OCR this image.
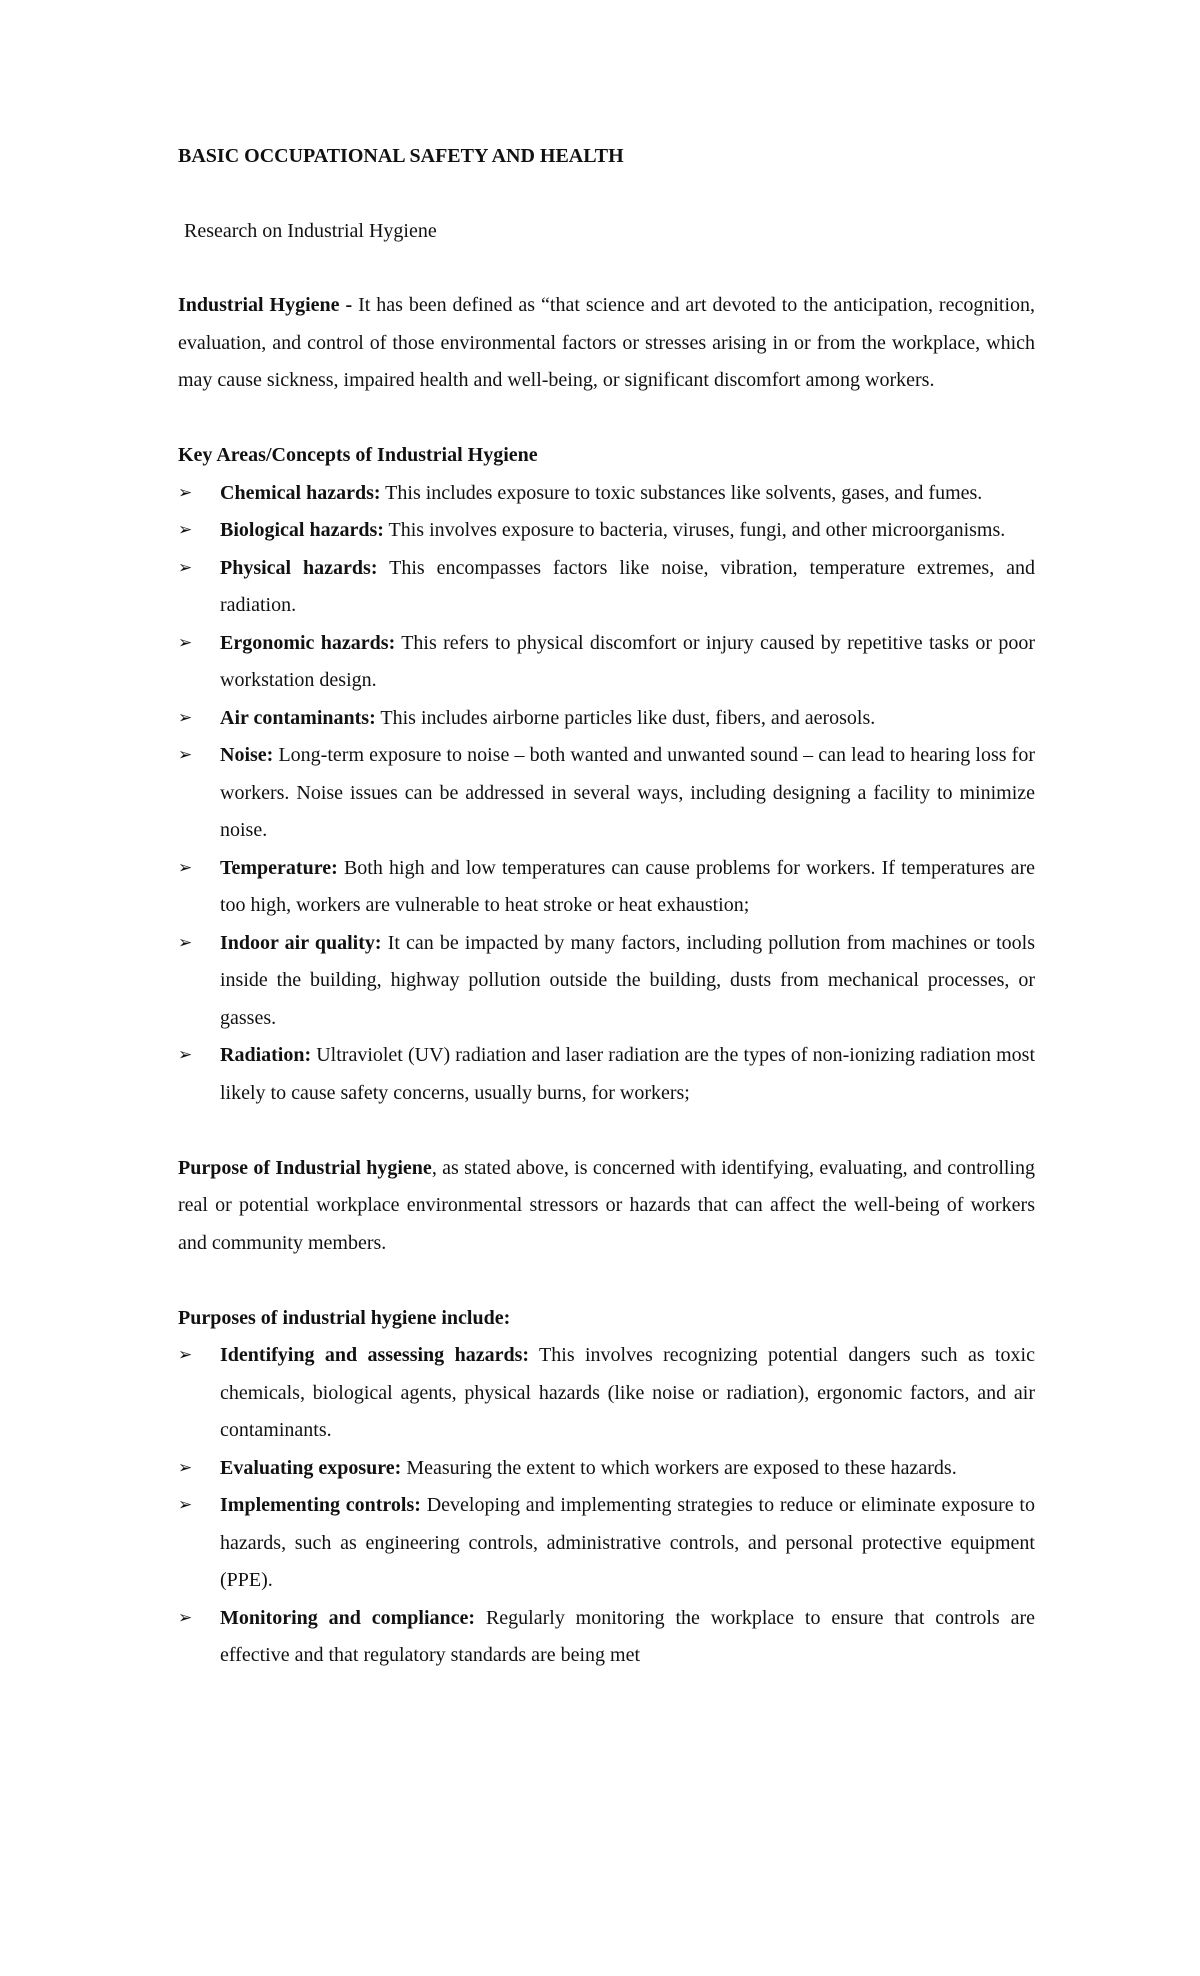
BASIC OCCUPATIONAL SAFETY AND HEALTH

Research on Industrial Hygiene

Industrial Hygiene - It has been defined as “that science and art devoted to the anticipation, recognition, evaluation, and control of those environmental factors or stresses arising in or from the workplace, which may cause sickness, impaired health and well-being, or significant discomfort among workers.

Key Areas/Concepts of Industrial Hygiene
➢ Chemical hazards: This includes exposure to toxic substances like solvents, gases, and fumes.
➢ Biological hazards: This involves exposure to bacteria, viruses, fungi, and other microorganisms.
➢ Physical hazards: This encompasses factors like noise, vibration, temperature extremes, and radiation.
➢ Ergonomic hazards: This refers to physical discomfort or injury caused by repetitive tasks or poor workstation design.
➢ Air contaminants: This includes airborne particles like dust, fibers, and aerosols.
➢ Noise: Long-term exposure to noise – both wanted and unwanted sound – can lead to hearing loss for workers. Noise issues can be addressed in several ways, including designing a facility to minimize noise.
➢ Temperature: Both high and low temperatures can cause problems for workers. If temperatures are too high, workers are vulnerable to heat stroke or heat exhaustion;
➢ Indoor air quality: It can be impacted by many factors, including pollution from machines or tools inside the building, highway pollution outside the building, dusts from mechanical processes, or gasses.
➢ Radiation: Ultraviolet (UV) radiation and laser radiation are the types of non-ionizing radiation most likely to cause safety concerns, usually burns, for workers;

Purpose of Industrial hygiene, as stated above, is concerned with identifying, evaluating, and controlling real or potential workplace environmental stressors or hazards that can affect the well-being of workers and community members.

Purposes of industrial hygiene include:
➢ Identifying and assessing hazards: This involves recognizing potential dangers such as toxic chemicals, biological agents, physical hazards (like noise or radiation), ergonomic factors, and air contaminants.
➢ Evaluating exposure: Measuring the extent to which workers are exposed to these hazards.
➢ Implementing controls: Developing and implementing strategies to reduce or eliminate exposure to hazards, such as engineering controls, administrative controls, and personal protective equipment (PPE).
➢ Monitoring and compliance: Regularly monitoring the workplace to ensure that controls are effective and that regulatory standards are being met
